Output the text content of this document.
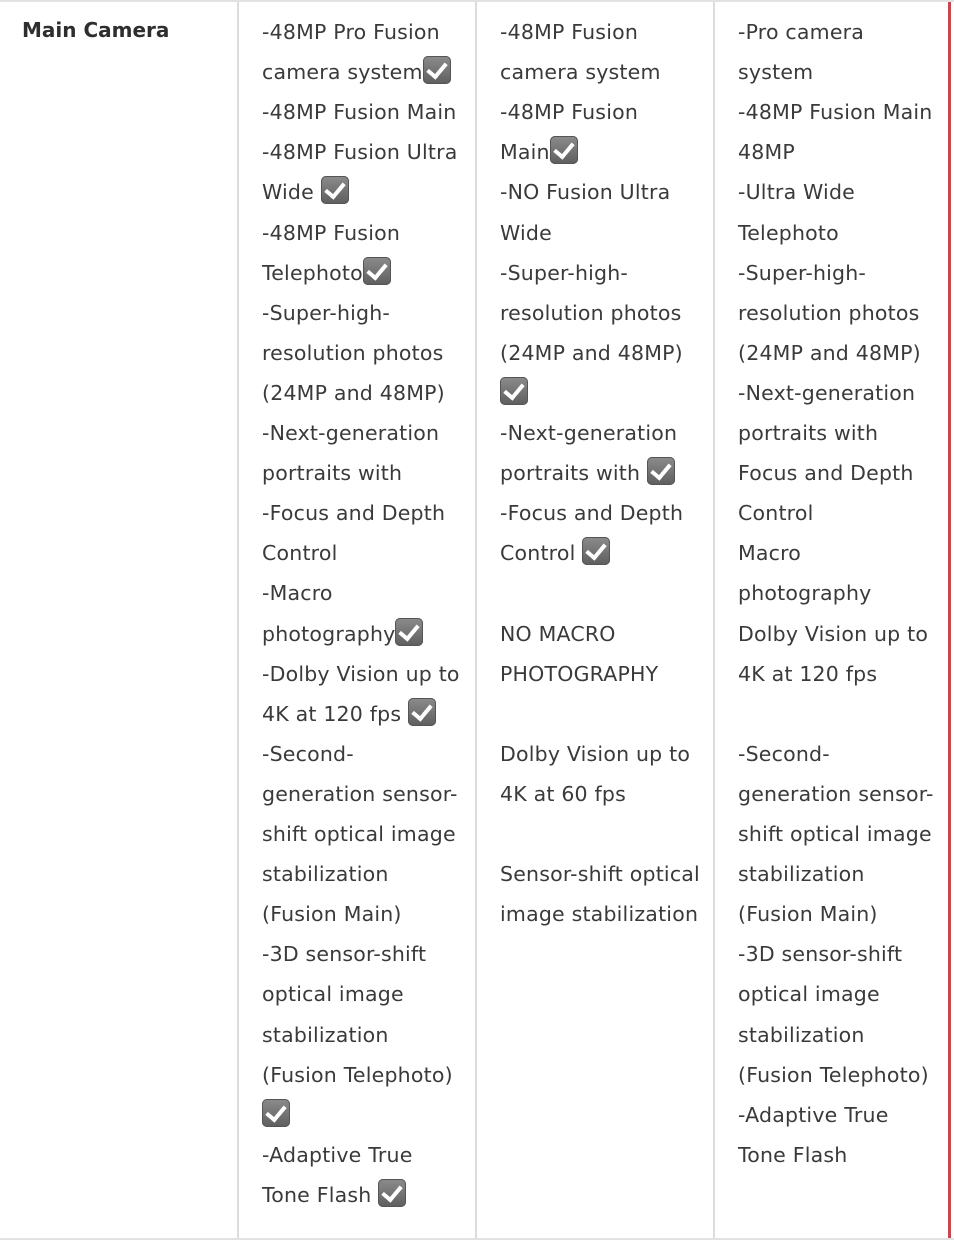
Main Camera	-48MP Pro Fusion
camera system
-48MP Fusion Main
-48MP Fusion Ultra
Wide
-48MP Fusion
Telephoto
-Super-high-
resolution photos
(24MP and 48MP)
-Next-generation
portraits with
-Focus and Depth
Control
-Macro
photography
-Dolby Vision up to
4K at 120 fps
-Second-
generation sensor-
shift optical image
stabilization
(Fusion Main)
-3D sensor-shift
optical image
stabilization
(Fusion Telephoto)
-Adaptive True
Tone Flash
-48MP Fusion
camera system
-48MP Fusion
Main
-NO Fusion Ultra
Wide
-Super-high-
resolution photos
(24MP and 48MP)
-Next-generation
portraits with
-Focus and Depth
Control
NO MACRO
PHOTOGRAPHY
Dolby Vision up to
4K at 60 fps
Sensor-shift optical
image stabilization
-Pro camera
system
-48MP Fusion Main
48MP
-Ultra Wide
Telephoto
-Super-high-
resolution photos
(24MP and 48MP)
-Next-generation
portraits with
Focus and Depth
Control
Macro
photography
Dolby Vision up to
4K at 120 fps
-Second-
generation sensor-
shift optical image
stabilization
(Fusion Main)
-3D sensor-shift
optical image
stabilization
(Fusion Telephoto)
-Adaptive True
Tone Flash
